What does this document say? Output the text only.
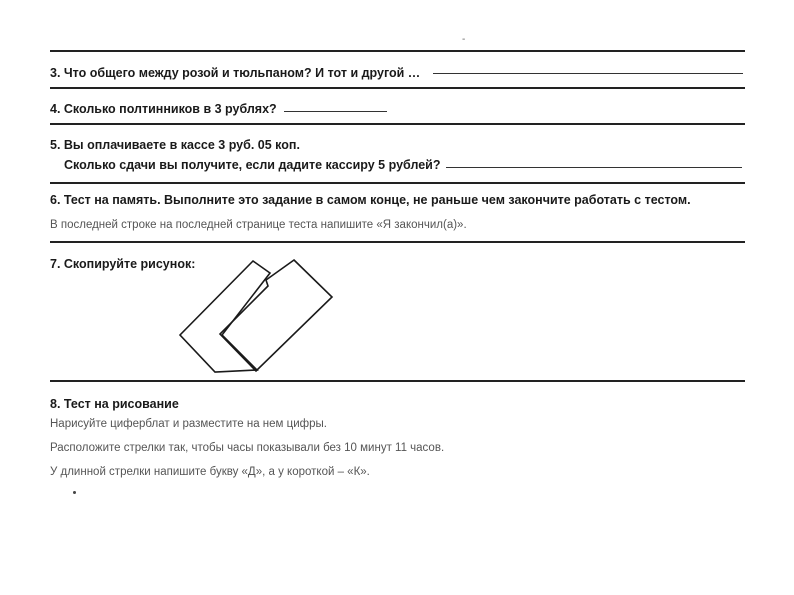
-
3. Что общего между розой и тюльпаном? И тот и другой …
4. Сколько полтинников в 3 рублях?
5. Вы оплачиваете в кассе 3 руб. 05 коп.
Сколько сдачи вы получите, если дадите кассиру 5 рублей?
6. Тест на память. Выполните это задание в самом конце, не раньше чем закончите работать с тестом.
В последней строке на последней странице теста напишите «Я закончил(а)».
7. Скопируйте рисунок:
8. Тест на рисование
Нарисуйте циферблат и разместите на нем цифры.
Расположите стрелки так, чтобы часы показывали без 10 минут 11 часов.
У длинной стрелки напишите букву «Д», а у короткой – «К».
